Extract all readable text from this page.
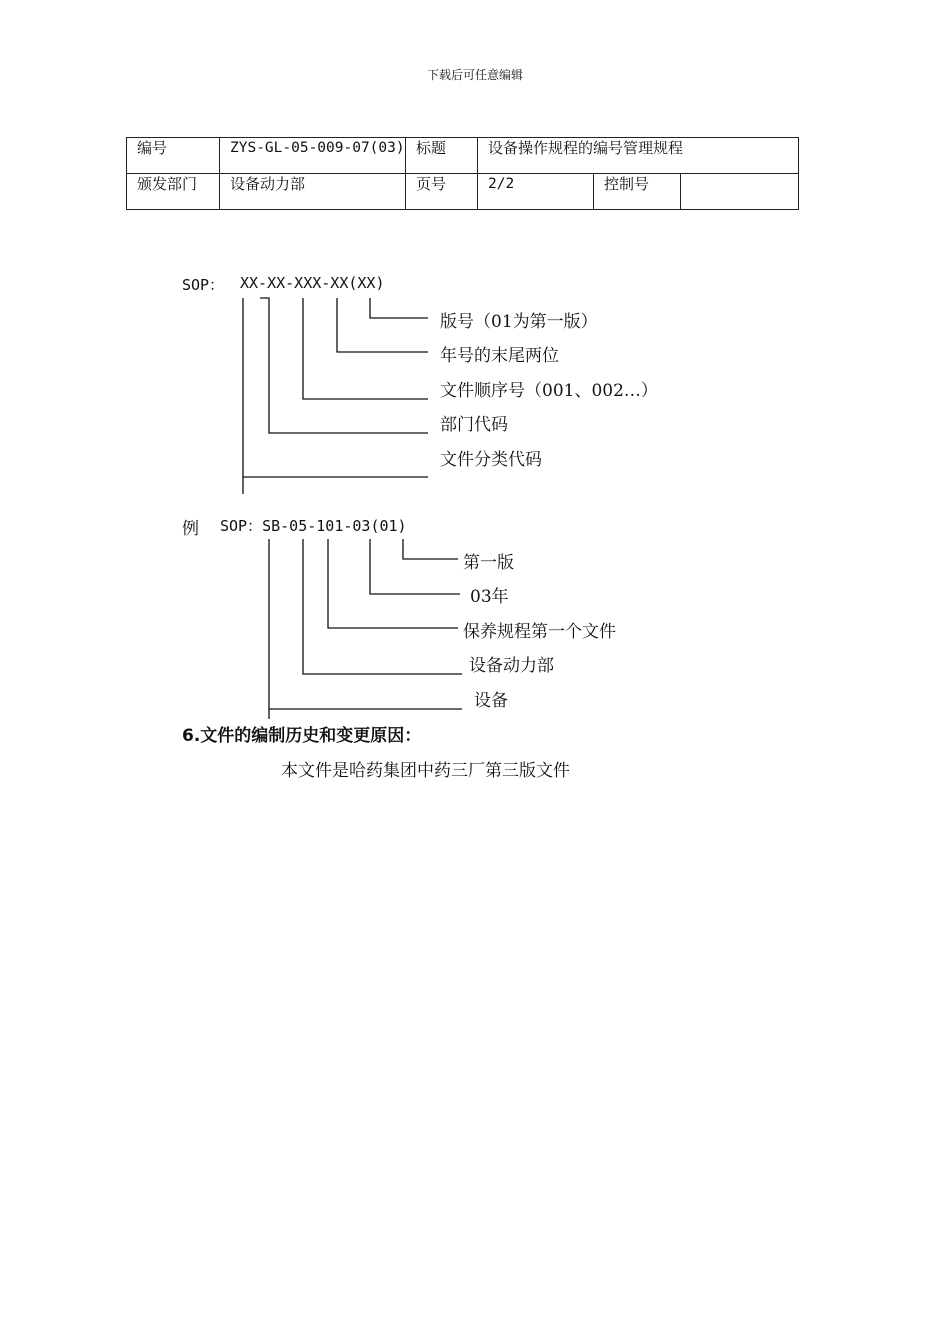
下载后可任意编辑
编号	ZYS-GL-05-009-07(03)	标题	设备操作规程的编号管理规程		
颁发部门	设备动力部	页号	2/2	控制号	
SOP： XX-XX-XXX-XX(XX)
版号（01为第一版）
年号的末尾两位
文件顺序号（001、002…）
部门代码
文件分类代码
例 SOP：SB-05-101-03(01)
第一版
03年
保养规程第一个文件
设备动力部
设备
6.文件的编制历史和变更原因：
本文件是哈药集团中药三厂第三版文件
